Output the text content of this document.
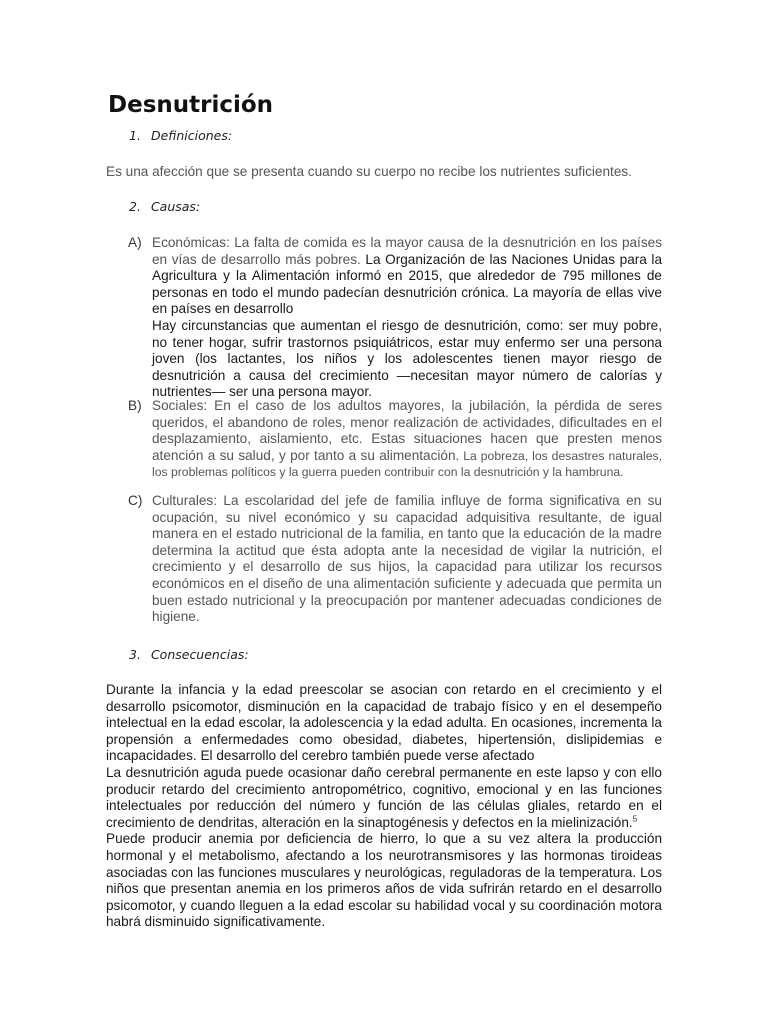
Desnutrición
1. Definiciones:

Es una afección que se presenta cuando su cuerpo no recibe los nutrientes suficientes.

2. Causas:
A) Económicas: La falta de comida es la mayor causa de la desnutrición en los países en vías de desarrollo más pobres. La Organización de las Naciones Unidas para la Agricultura y la Alimentación informó en 2015, que alrededor de 795 millones de personas en todo el mundo padecían desnutrición crónica. La mayoría de ellas vive en países en desarrollo
Hay circunstancias que aumentan el riesgo de desnutrición, como: ser muy pobre, no tener hogar, sufrir trastornos psiquiátricos, estar muy enfermo ser una persona joven (los lactantes, los niños y los adolescentes tienen mayor riesgo de desnutrición a causa del crecimiento —necesitan mayor número de calorías y nutrientes— ser una persona mayor.
B) Sociales: En el caso de los adultos mayores, la jubilación, la pérdida de seres queridos, el abandono de roles, menor realización de actividades, dificultades en el desplazamiento, aislamiento, etc. Estas situaciones hacen que presten menos atención a su salud, y por tanto a su alimentación. La pobreza, los desastres naturales, los problemas políticos y la guerra pueden contribuir con la desnutrición y la hambruna.
C) Culturales: La escolaridad del jefe de familia influye de forma significativa en su ocupación, su nivel económico y su capacidad adquisitiva resultante, de igual manera en el estado nutricional de la familia, en tanto que la educación de la madre determina la actitud que ésta adopta ante la necesidad de vigilar la nutrición, el crecimiento y el desarrollo de sus hijos, la capacidad para utilizar los recursos económicos en el diseño de una alimentación suficiente y adecuada que permita un buen estado nutricional y la preocupación por mantener adecuadas condiciones de higiene.
3. Consecuencias:
Durante la infancia y la edad preescolar se asocian con retardo en el crecimiento y el desarrollo psicomotor, disminución en la capacidad de trabajo físico y en el desempeño intelectual en la edad escolar, la adolescencia y la edad adulta. En ocasiones, incrementa la propensión a enfermedades como obesidad, diabetes, hipertensión, dislipidemias e incapacidades. El desarrollo del cerebro también puede verse afectado
La desnutrición aguda puede ocasionar daño cerebral permanente en este lapso y con ello producir retardo del crecimiento antropométrico, cognitivo, emocional y en las funciones intelectuales por reducción del número y función de las células gliales, retardo en el crecimiento de dendritas, alteración en la sinaptogénesis y defectos en la mielinización.$^5$
Puede producir anemia por deficiencia de hierro, lo que a su vez altera la producción hormonal y el metabolismo, afectando a los neurotransmisores y las hormonas tiroideas asociadas con las funciones musculares y neurológicas, reguladoras de la temperatura. Los niños que presentan anemia en los primeros años de vida sufrirán retardo en el desarrollo psicomotor, y cuando lleguen a la edad escolar su habilidad vocal y su coordinación motora habrá disminuido significativamente.
